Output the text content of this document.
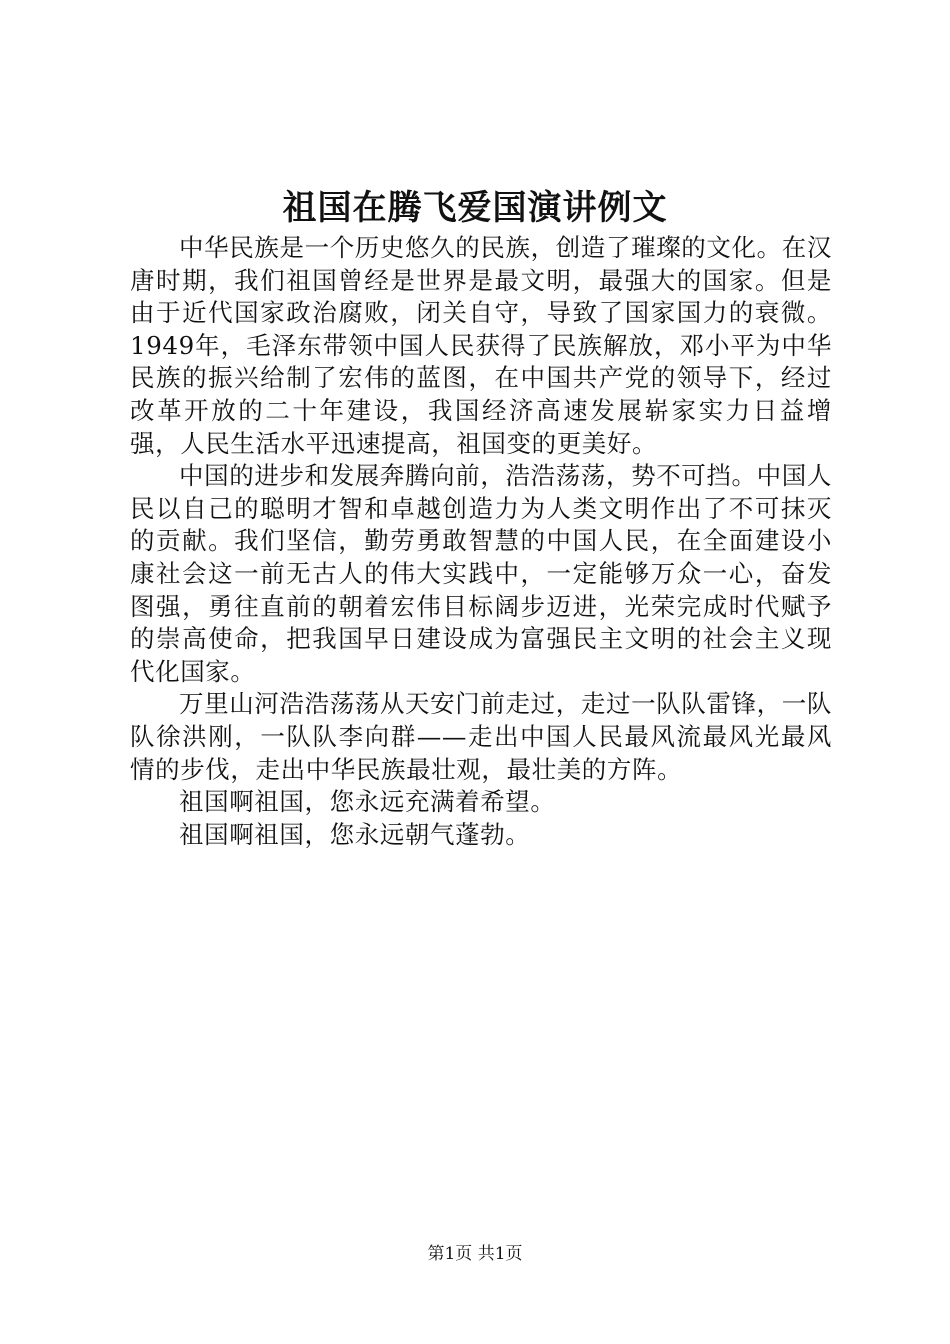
祖国在腾飞爱国演讲例文

中华民族是一个历史悠久的民族，创造了璀璨的文化。在汉唐时期，我们祖国曾经是世界是最文明，最强大的国家。但是由于近代国家政治腐败，闭关自守，导致了国家国力的衰微。1949年，毛泽东带领中国人民获得了民族解放，邓小平为中华民族的振兴给制了宏伟的蓝图，在中国共产党的领导下，经过改革开放的二十年建设，我国经济高速发展崭家实力日益增强，人民生活水平迅速提高，祖国变的更美好。

中国的进步和发展奔腾向前，浩浩荡荡，势不可挡。中国人民以自己的聪明才智和卓越创造力为人类文明作出了不可抹灭的贡献。我们坚信，勤劳勇敢智慧的中国人民，在全面建设小康社会这一前无古人的伟大实践中，一定能够万众一心，奋发图强，勇往直前的朝着宏伟目标阔步迈进，光荣完成时代赋予的崇高使命，把我国早日建设成为富强民主文明的社会主义现代化国家。

万里山河浩浩荡荡从天安门前走过，走过一队队雷锋，一队队徐洪刚，一队队李向群——走出中国人民最风流最风光最风情的步伐，走出中华民族最壮观，最壮美的方阵。

祖国啊祖国，您永远充满着希望。

祖国啊祖国，您永远朝气蓬勃。

第1页 共1页
